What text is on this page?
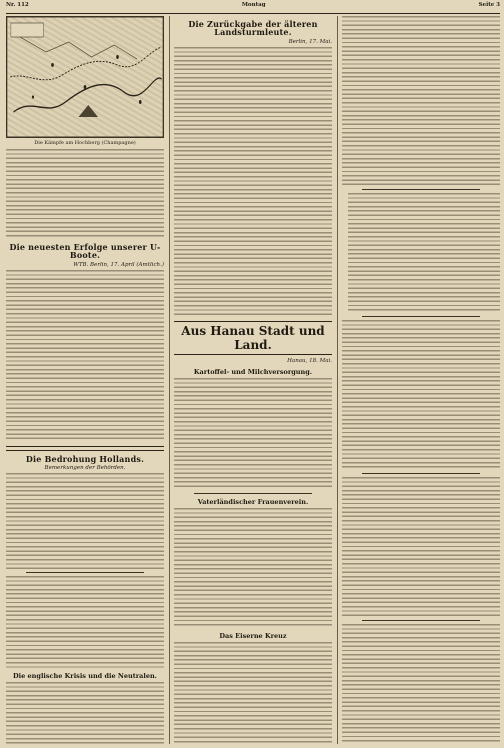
Nr. 112	Montag	Seite 3
Die Kämpfe am Hochberg (Champagne)
Die neuesten Erfolge unserer U-Boote.
WTB. Berlin, 17. April (Amtlich.)
Die Bedrohung Hollands.
Bemerkungen der Behörden.
Die englische Krisis und die Neutralen.
Die Zurückgabe der älteren Landsturmleute.
Berlin, 17. Mai.
Aus Hanau Stadt und Land.
Hanau, 18. Mai.
Kartoffel- und Milchversorgung.
Vaterländischer Frauenverein.
Das Eiserne Kreuz
